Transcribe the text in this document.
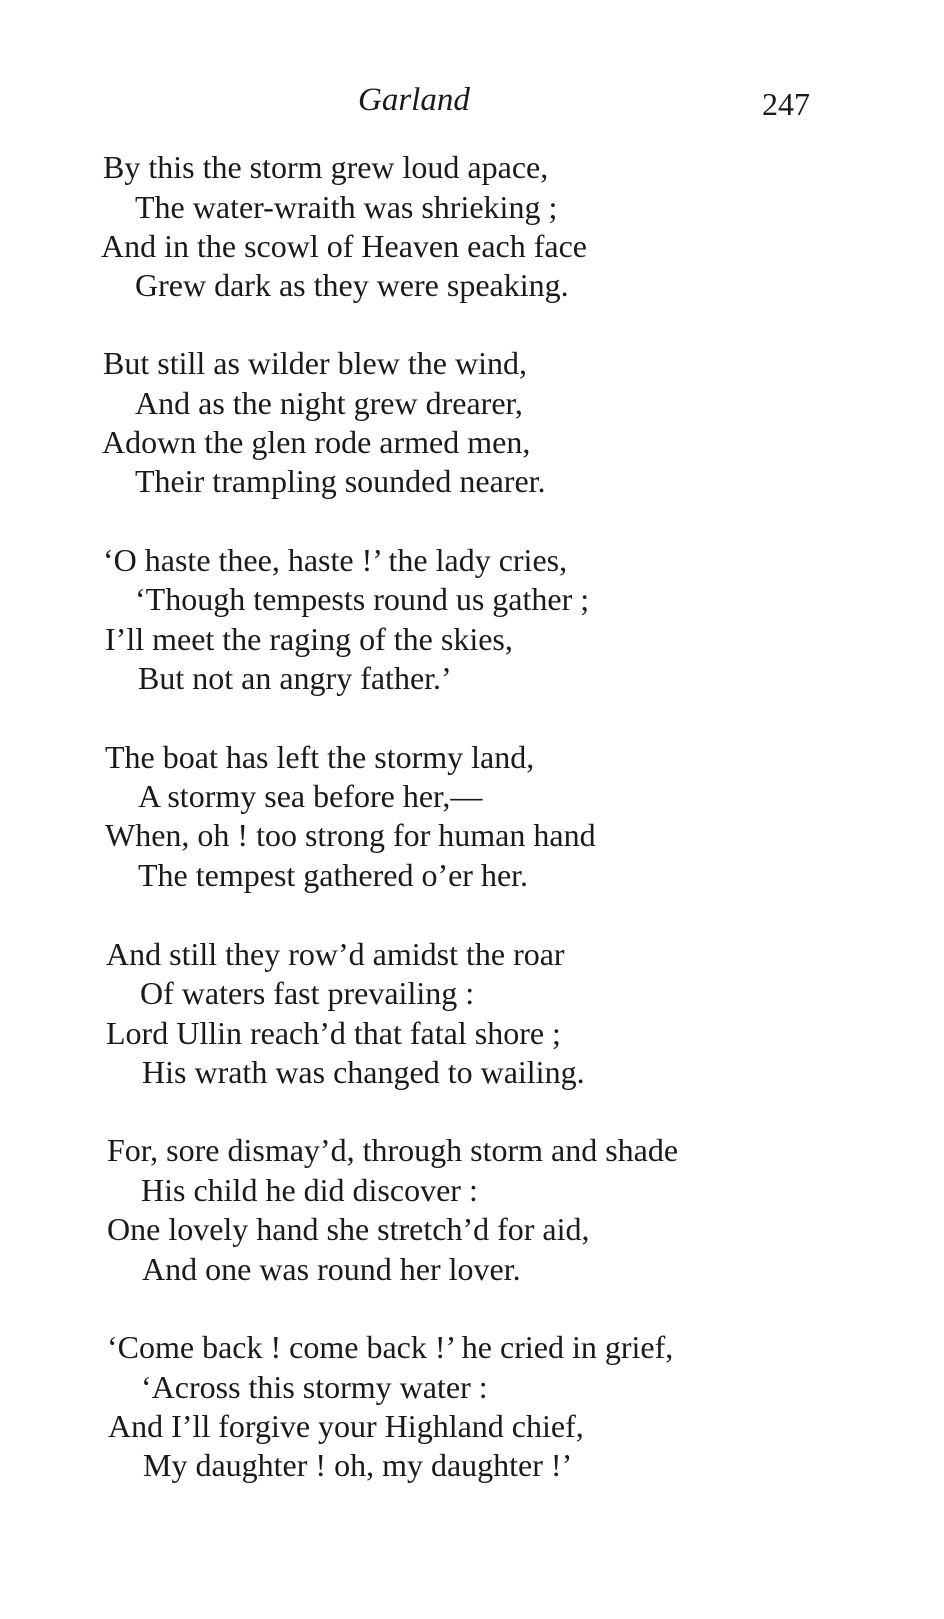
Garland	247
By this the storm grew loud apace,
The water-wraith was shrieking ;
And in the scowl of Heaven each face
Grew dark as they were speaking.
But still as wilder blew the wind,
And as the night grew drearer,
Adown the glen rode armed men,
Their trampling sounded nearer.
‘O haste thee, haste !’ the lady cries,
‘Though tempests round us gather ;
I’ll meet the raging of the skies,
But not an angry father.’
The boat has left the stormy land,
A stormy sea before her,—
When, oh ! too strong for human hand
The tempest gathered o’er her.
And still they row’d amidst the roar
Of waters fast prevailing :
Lord Ullin reach’d that fatal shore ;
His wrath was changed to wailing.
For, sore dismay’d, through storm and shade
His child he did discover :
One lovely hand she stretch’d for aid,
And one was round her lover.
‘Come back ! come back !’ he cried in grief,
‘Across this stormy water :
And I’ll forgive your Highland chief,
My daughter ! oh, my daughter !’
